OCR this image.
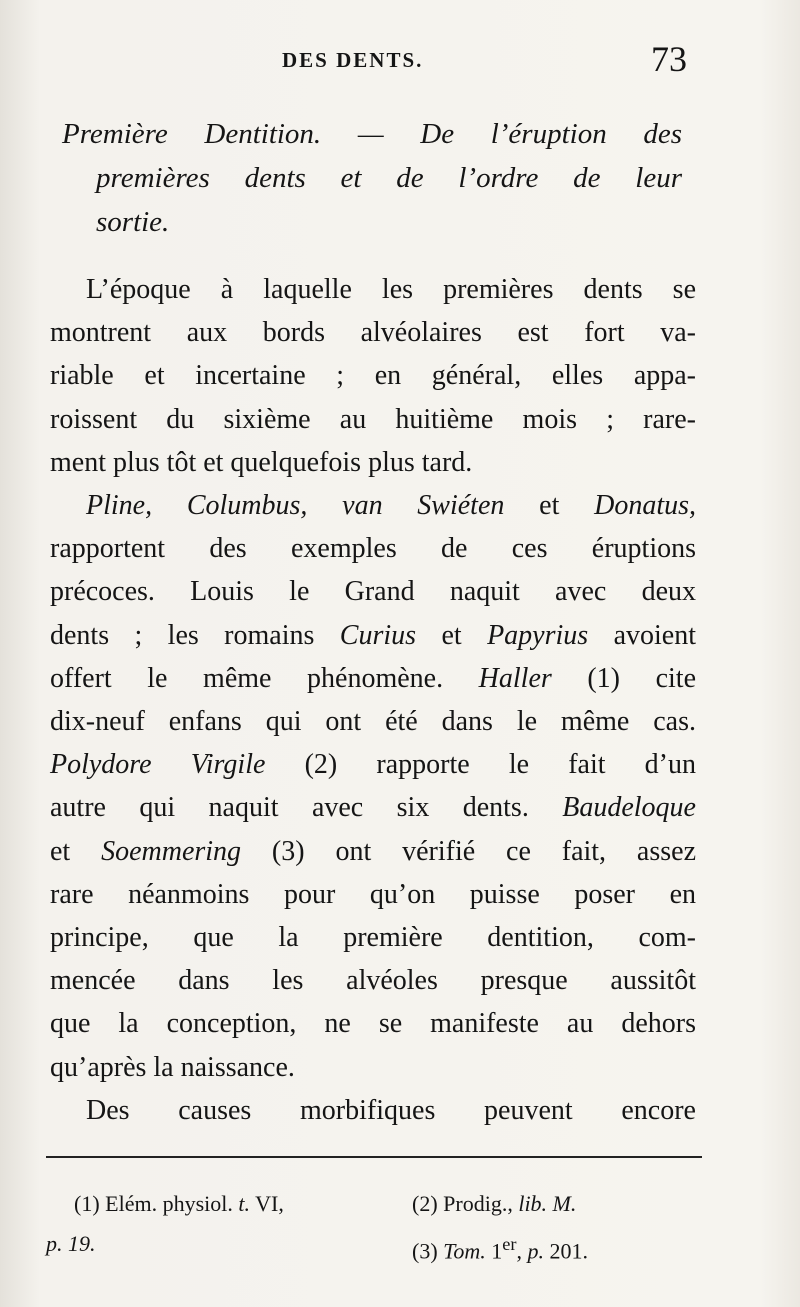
DES DENTS.	73
Première Dentition. — De l’éruption des
premières dents et de l’ordre de leur
sortie.
L’époque à laquelle les premières dents se
montrent aux bords alvéolaires est fort va-
riable et incertaine ; en général, elles appa-
roissent du sixième au huitième mois ; rare-
ment plus tôt et quelquefois plus tard.
Pline, Columbus, van Swiéten et Donatus,
rapportent des exemples de ces éruptions
précoces. Louis le Grand naquit avec deux
dents ; les romains Curius et Papyrius avoient
offert le même phénomène. Haller (1) cite
dix-neuf enfans qui ont été dans le même cas.
Polydore Virgile (2) rapporte le fait d’un
autre qui naquit avec six dents. Baudeloque
et Soemmering (3) ont vérifié ce fait, assez
rare néanmoins pour qu’on puisse poser en
principe, que la première dentition, com-
mencée dans les alvéoles presque aussitôt
que la conception, ne se manifeste au dehors
qu’après la naissance.
Des causes morbifiques peuvent encore
(1) Elém. physiol. t. VI,
p. 19.
(2) Prodig., lib. M.
(3) Tom. 1er, p. 201.
